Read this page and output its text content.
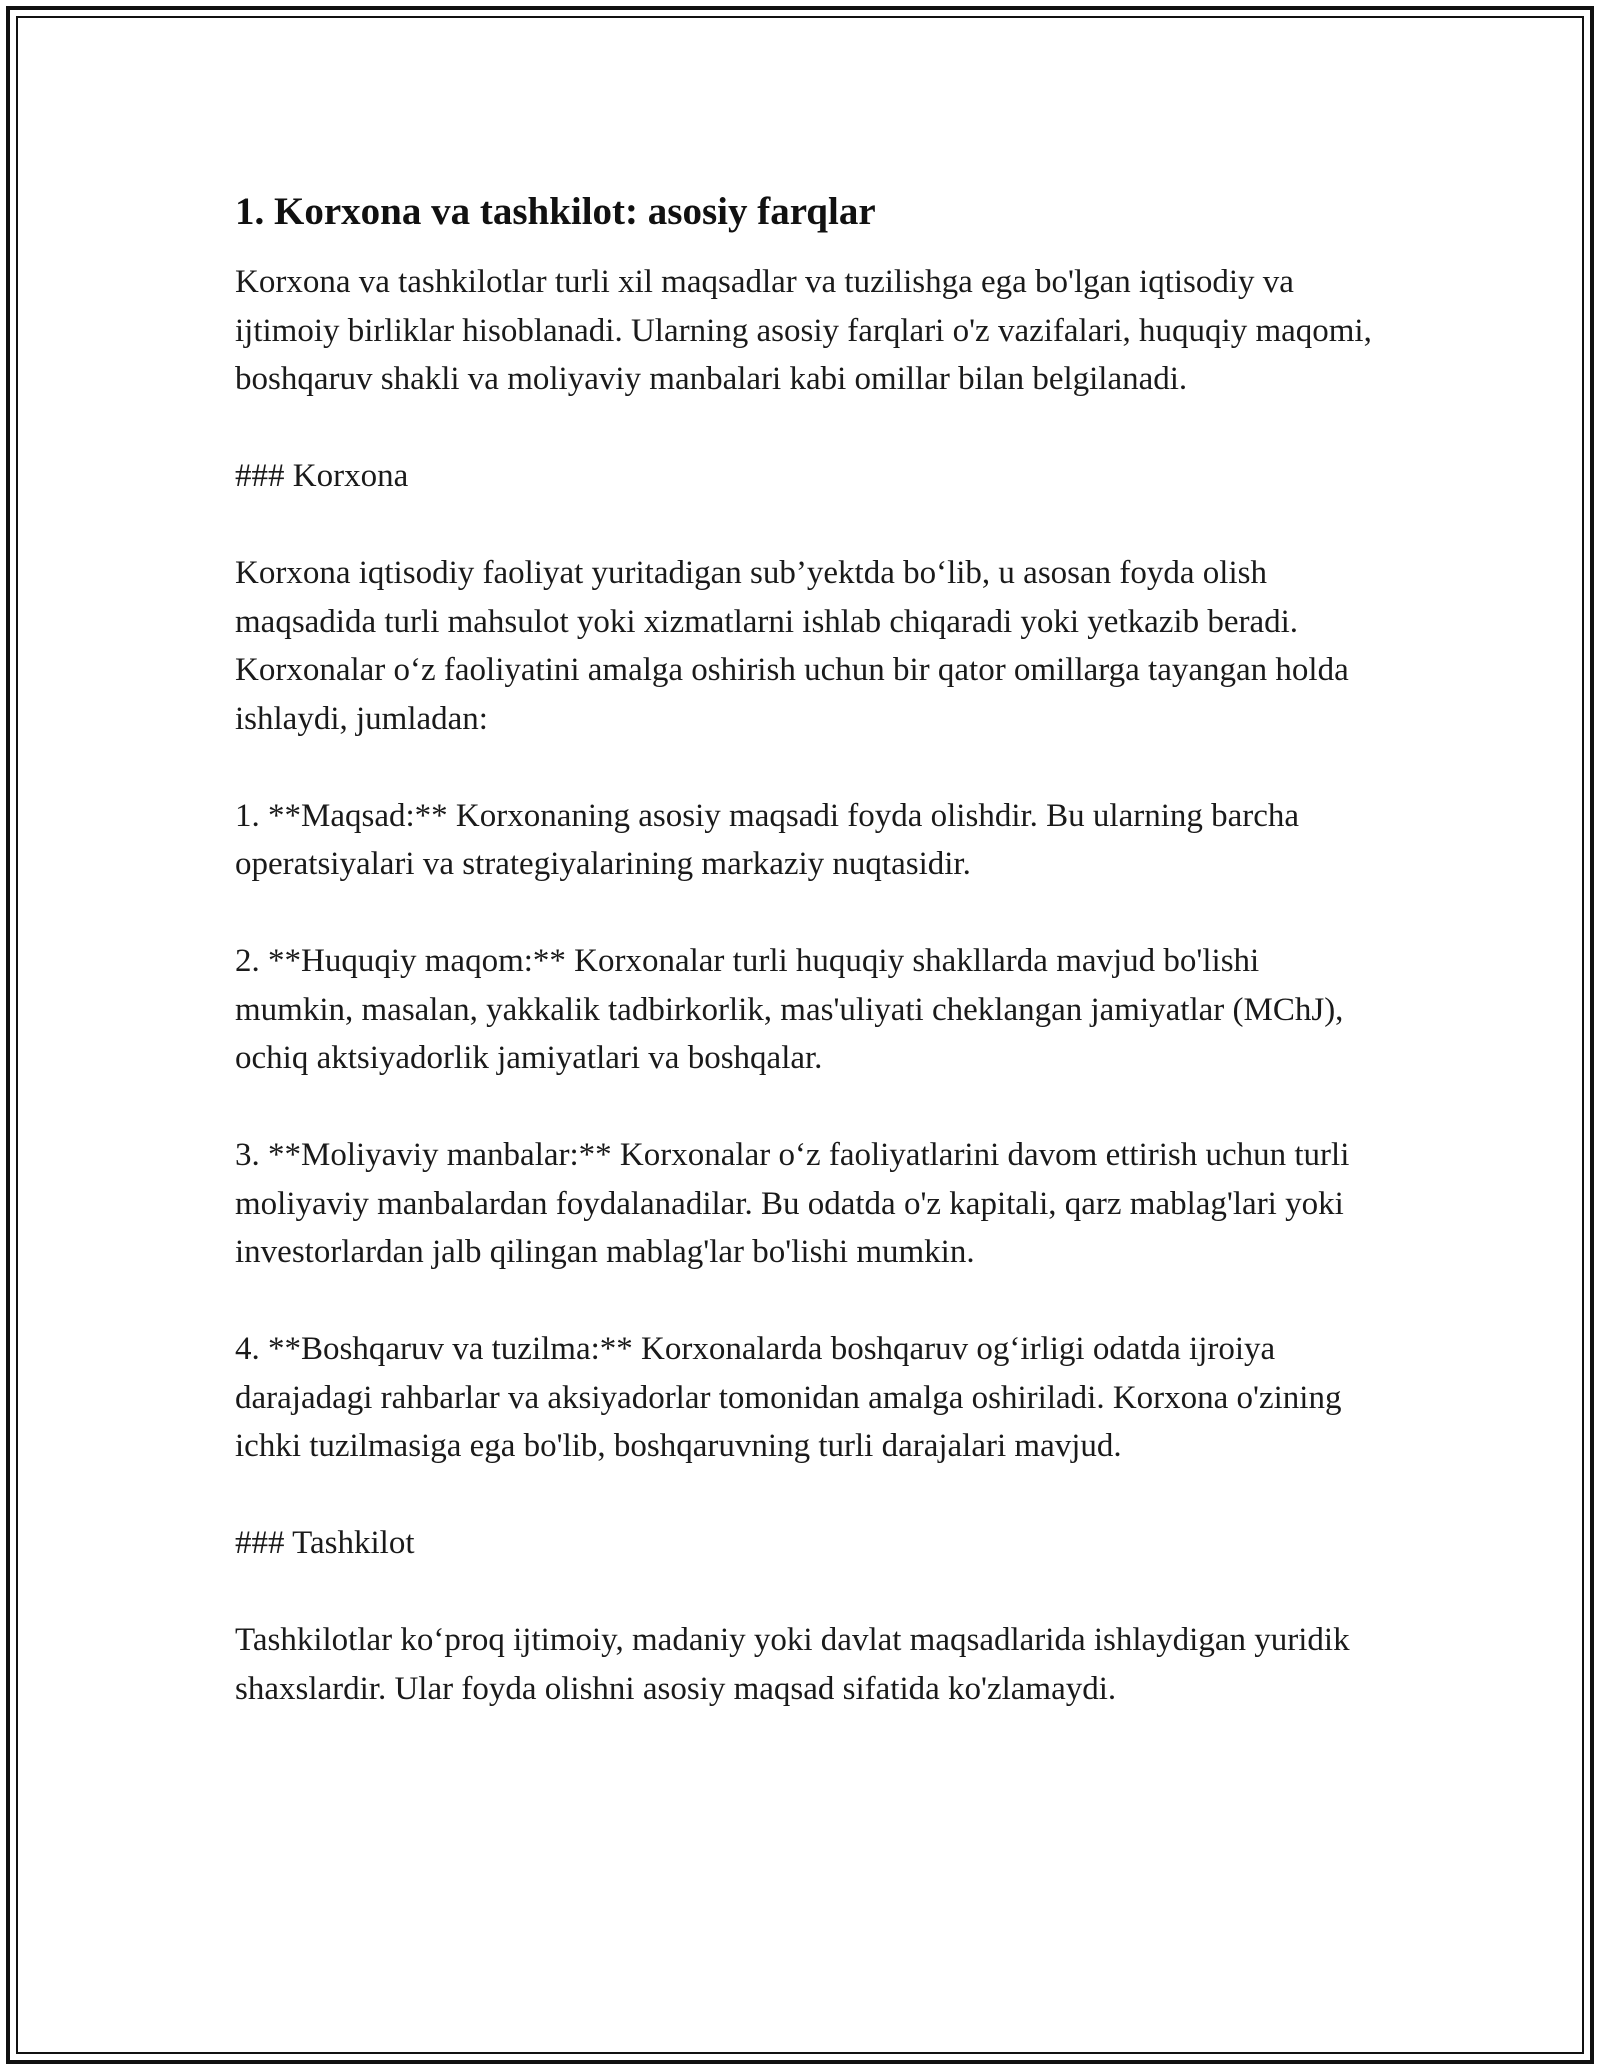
1. Korxona va tashkilot: asosiy farqlar

Korxona va tashkilotlar turli xil maqsadlar va tuzilishga ega bo'lgan iqtisodiy va ijtimoiy birliklar hisoblanadi. Ularning asosiy farqlari o'z vazifalari, huquqiy maqomi, boshqaruv shakli va moliyaviy manbalari kabi omillar bilan belgilanadi.

### Korxona

Korxona iqtisodiy faoliyat yuritadigan sub’yektda bo‘lib, u asosan foyda olish maqsadida turli mahsulot yoki xizmatlarni ishlab chiqaradi yoki yetkazib beradi. Korxonalar o‘z faoliyatini amalga oshirish uchun bir qator omillarga tayangan holda ishlaydi, jumladan:

1. **Maqsad:** Korxonaning asosiy maqsadi foyda olishdir. Bu ularning barcha operatsiyalari va strategiyalarining markaziy nuqtasidir.

2. **Huquqiy maqom:** Korxonalar turli huquqiy shakllarda mavjud bo'lishi mumkin, masalan, yakkalik tadbirkorlik, mas'uliyati cheklangan jamiyatlar (MChJ), ochiq aktsiyadorlik jamiyatlari va boshqalar.

3. **Moliyaviy manbalar:** Korxonalar o‘z faoliyatlarini davom ettirish uchun turli moliyaviy manbalardan foydalanadilar. Bu odatda o'z kapitali, qarz mablag'lari yoki investorlardan jalb qilingan mablag'lar bo'lishi mumkin.

4. **Boshqaruv va tuzilma:** Korxonalarda boshqaruv og‘irligi odatda ijroiya darajadagi rahbarlar va aksiyadorlar tomonidan amalga oshiriladi. Korxona o'zining ichki tuzilmasiga ega bo'lib, boshqaruvning turli darajalari mavjud.

### Tashkilot

Tashkilotlar ko‘proq ijtimoiy, madaniy yoki davlat maqsadlarida ishlaydigan yuridik shaxslardir. Ular foyda olishni asosiy maqsad sifatida ko'zlamaydi.
